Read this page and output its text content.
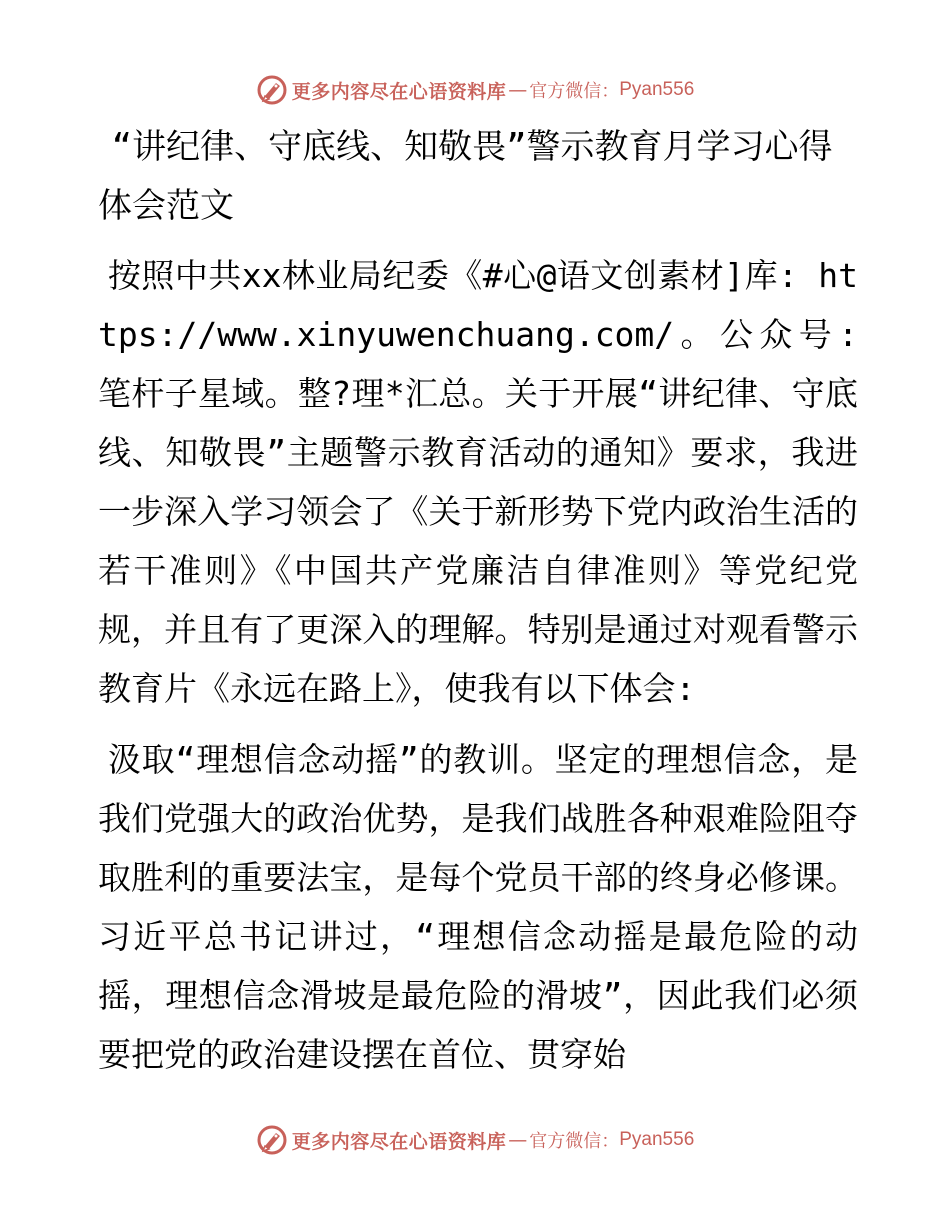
更多内容尽在心语资料库 — 官方微信： Pyan556
“讲纪律、守底线、知敬畏”警示教育月学习心得体会范文

按照中共xx林业局纪委《#心@语文创素材]库: https://www.xinyuwenchuang.com/。公众号: 笔杆子星域。整?理*汇总。关于开展“讲纪律、守底线、知敬畏”主题警示教育活动的通知》要求，我进一步深入学习领会了《关于新形势下党内政治生活的若干准则》《中国共产党廉洁自律准则》等党纪党规，并且有了更深入的理解。特别是通过对观看警示教育片《永远在路上》，使我有以下体会:

汲取“理想信念动摇”的教训。坚定的理想信念，是我们党强大的政治优势，是我们战胜各种艰难险阻夺取胜利的重要法宝，是每个党员干部的终身必修课。习近平总书记讲过，“理想信念动摇是最危险的动摇，理想信念滑坡是最危险的滑坡”，因此我们必须要把党的政治建设摆在首位、贯穿始

更多内容尽在心语资料库 — 官方微信： Pyan556
